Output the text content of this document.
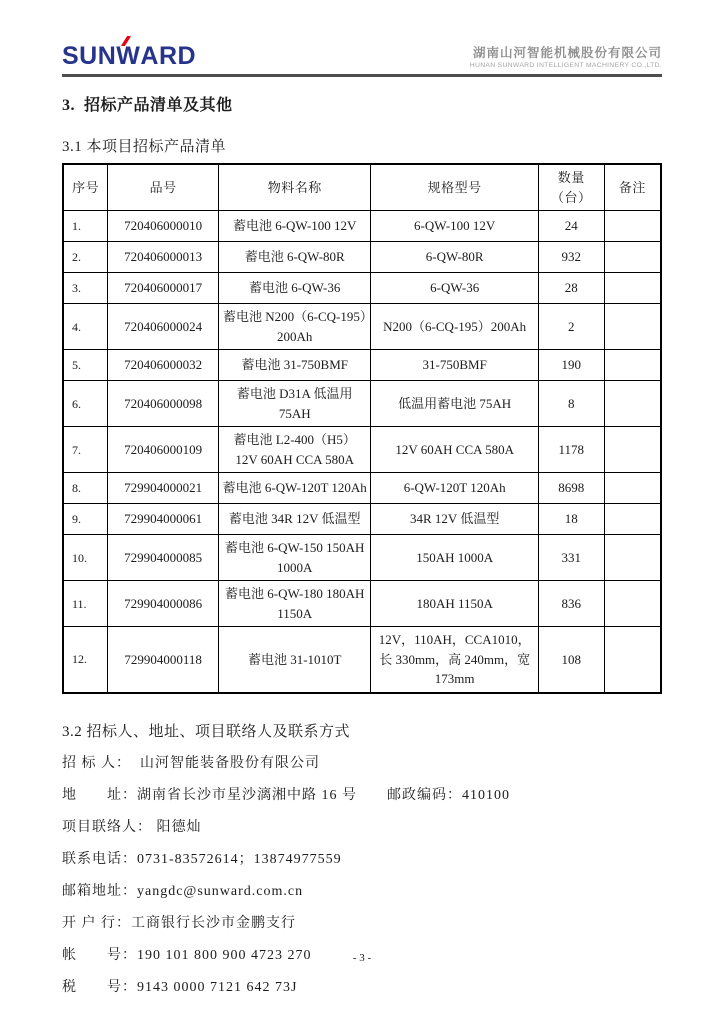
SUNW
ARD	湖南山河智能机械股份有限公司
HUNAN SUNWARD INTELLIGENT MACHINERY CO.,LTD.
3.  招标产品清单及其他
3.1 本项目招标产品清单
序号	品号	物料名称	规格型号	数量（台）	备注
1.	720406000010	蓄电池 6-QW-100 12V	6-QW-100 12V	24	
2.	720406000013	蓄电池 6-QW-80R	6-QW-80R	932	
3.	720406000017	蓄电池 6-QW-36	6-QW-36	28	
4.	720406000024	蓄电池 N200（6-CQ-195）200Ah	N200（6-CQ-195）200Ah	2	
5.	720406000032	蓄电池 31-750BMF	31-750BMF	190	
6.	720406000098	蓄电池 D31A 低温用 75AH	低温用蓄电池 75AH	8	
7.	720406000109	蓄电池 L2-400（H5） 12V 60AH CCA 580A	12V 60AH CCA 580A	1178	
8.	729904000021	蓄电池 6-QW-120T 120Ah	6-QW-120T 120Ah	8698	
9.	729904000061	蓄电池 34R 12V 低温型	34R 12V 低温型	18	
10.	729904000085	蓄电池 6-QW-150 150AH 1000A	150AH 1000A	331	
11.	729904000086	蓄电池 6-QW-180 180AH 1150A	180AH 1150A	836	
12.	729904000118	蓄电池 31-1010T	12V，110AH，CCA1010，长 330mm，高 240mm，宽 173mm	108	
3.2 招标人、地址、项目联络人及联系方式
招 标 人：  山河智能装备股份有限公司
地　　址：湖南省长沙市星沙漓湘中路 16 号 邮政编码：410100
项目联络人： 阳德灿
联系电话：0731-83572614；13874977559
邮箱地址：yangdc@sunward.com.cn
开 户 行：工商银行长沙市金鹏支行
帐　　号：190 101 800 900 4723 270
税　　号：9143 0000 7121 642 73J
- 3 -
